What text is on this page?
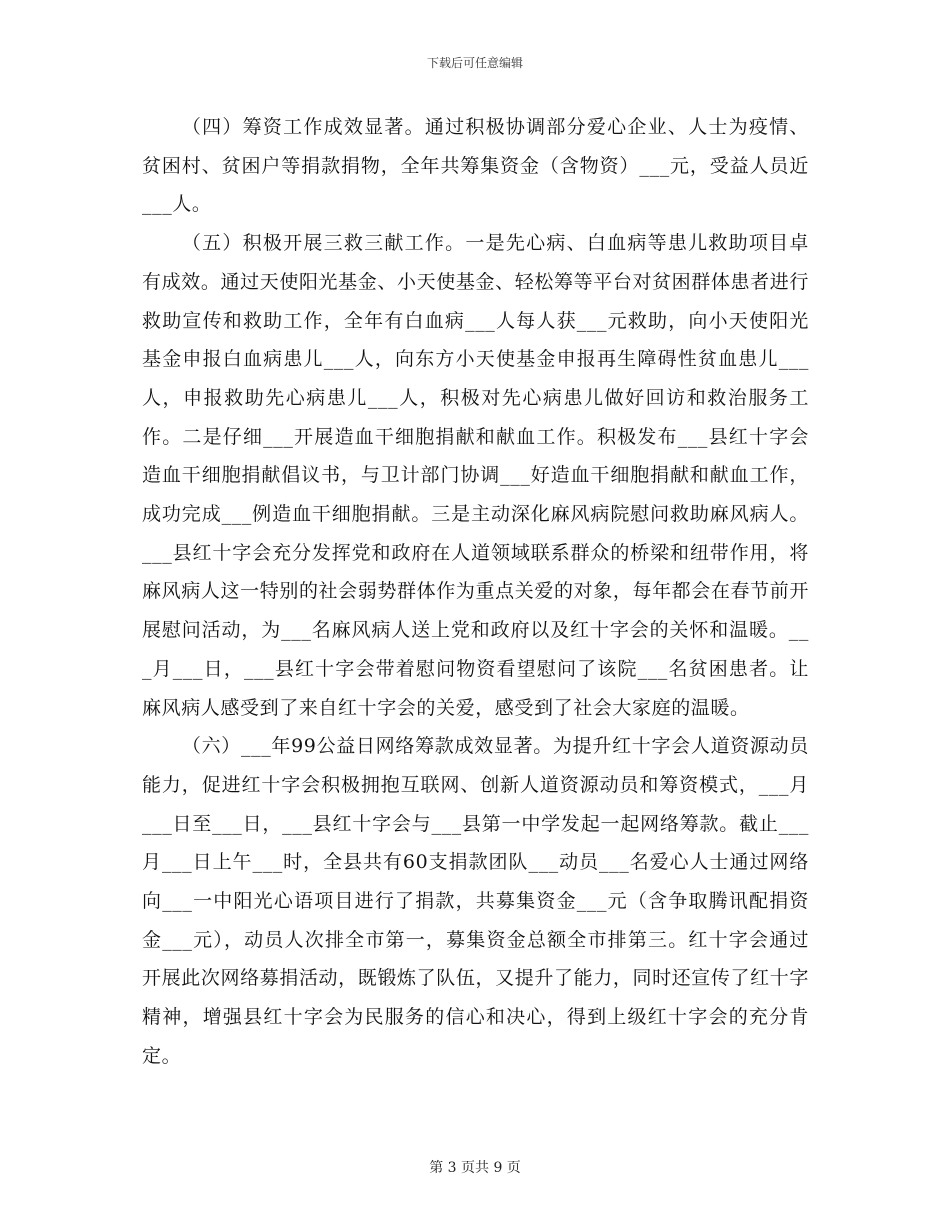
下载后可任意编辑

（四）筹资工作成效显著。通过积极协调部分爱心企业、人士为疫情、贫困村、贫困户等捐款捐物，全年共筹集资金（含物资）___元，受益人员近___人。

（五）积极开展三救三献工作。一是先心病、白血病等患儿救助项目卓有成效。通过天使阳光基金、小天使基金、轻松筹等平台对贫困群体患者进行救助宣传和救助工作，全年有白血病___人每人获___元救助，向小天使阳光基金申报白血病患儿___人，向东方小天使基金申报再生障碍性贫血患儿___人，申报救助先心病患儿___人，积极对先心病患儿做好回访和救治服务工作。二是仔细___开展造血干细胞捐献和献血工作。积极发布___县红十字会造血干细胞捐献倡议书，与卫计部门协调___好造血干细胞捐献和献血工作，成功完成___例造血干细胞捐献。三是主动深化麻风病院慰问救助麻风病人。___县红十字会充分发挥党和政府在人道领域联系群众的桥梁和纽带作用，将麻风病人这一特别的社会弱势群体作为重点关爱的对象，每年都会在春节前开展慰问活动，为___名麻风病人送上党和政府以及红十字会的关怀和温暖。___月___日，___县红十字会带着慰问物资看望慰问了该院___名贫困患者。让麻风病人感受到了来自红十字会的关爱，感受到了社会大家庭的温暖。

（六）___年99公益日网络筹款成效显著。为提升红十字会人道资源动员能力，促进红十字会积极拥抱互联网、创新人道资源动员和筹资模式，___月___日至___日，___县红十字会与___县第一中学发起一起网络筹款。截止___月___日上午___时，全县共有60支捐款团队___动员___名爱心人士通过网络向___一中阳光心语项目进行了捐款，共募集资金___元（含争取腾讯配捐资金___元），动员人次排全市第一，募集资金总额全市排第三。红十字会通过开展此次网络募捐活动，既锻炼了队伍，又提升了能力，同时还宣传了红十字精神，增强县红十字会为民服务的信心和决心，得到上级红十字会的充分肯定。

第 3 页共 9 页
